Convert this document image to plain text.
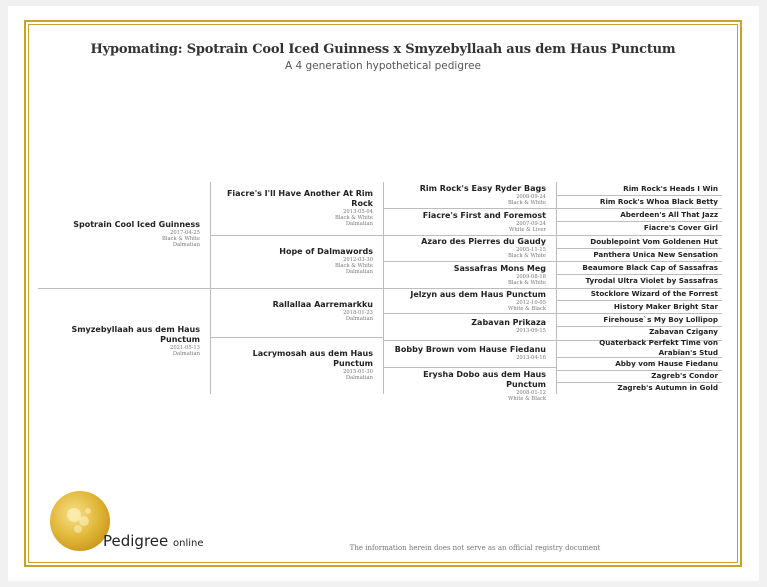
Hypomating: Spotrain Cool Iced Guinness x Smyzebyllaah aus dem Haus Punctum
A 4 generation hypothetical pedigree
Spotrain Cool Iced Guinness
2017-04-25
Black & White
Dalmatian
Smyzebyllaah aus dem Haus Punctum
2021-05-13
Dalmatian
Fiacre's I'll Have Another At Rim Rock
2013-05-04
Black & White
Dalmatian
Hope of Dalmawords
2012-03-30
Black & White
Dalmatian
Rallallaa Aarremarkku
2018-01-23
Dalmatian
Lacrymosah aus dem Haus Punctum
2015-01-30
Dalmatian
Rim Rock's Easy Ryder Bags
2008-09-24
Black & White
Fiacre's First and Foremost
2007-09-24
White & Liver
Azaro des Pierres du Gaudy
2005-11-15
Black & White
Sassafras Mons Meg
2009-08-18
Black & White
Jelzyn aus dem Haus Punctum
2012-10-05
White & Black
Zabavan Prikaza
2013-09-15
Bobby Brown vom Hause Fiedanu
2013-04-16
Erysha Dobo aus dem Haus Punctum
2008-01-12
White & Black
Rim Rock's Heads I Win
Rim Rock's Whoa Black Betty
Aberdeen's All That Jazz
Fiacre's Cover Girl
Doublepoint Vom Goldenen Hut
Panthera Unica New Sensation
Beaumore Black Cap of Sassafras
Tyrodal Ultra Violet by Sassafras
Stocklore Wizard of the Forrest
History Maker Bright Star
Firehouse`s My Boy Lollipop
Zabavan Czigany
Quaterback Perfekt Time von Arabian's Stud
Abby vom Hause Fiedanu
Zagreb's Condor
Zagreb's Autumn in Gold
Pedigree online	The information herein does not serve as an official registry document
